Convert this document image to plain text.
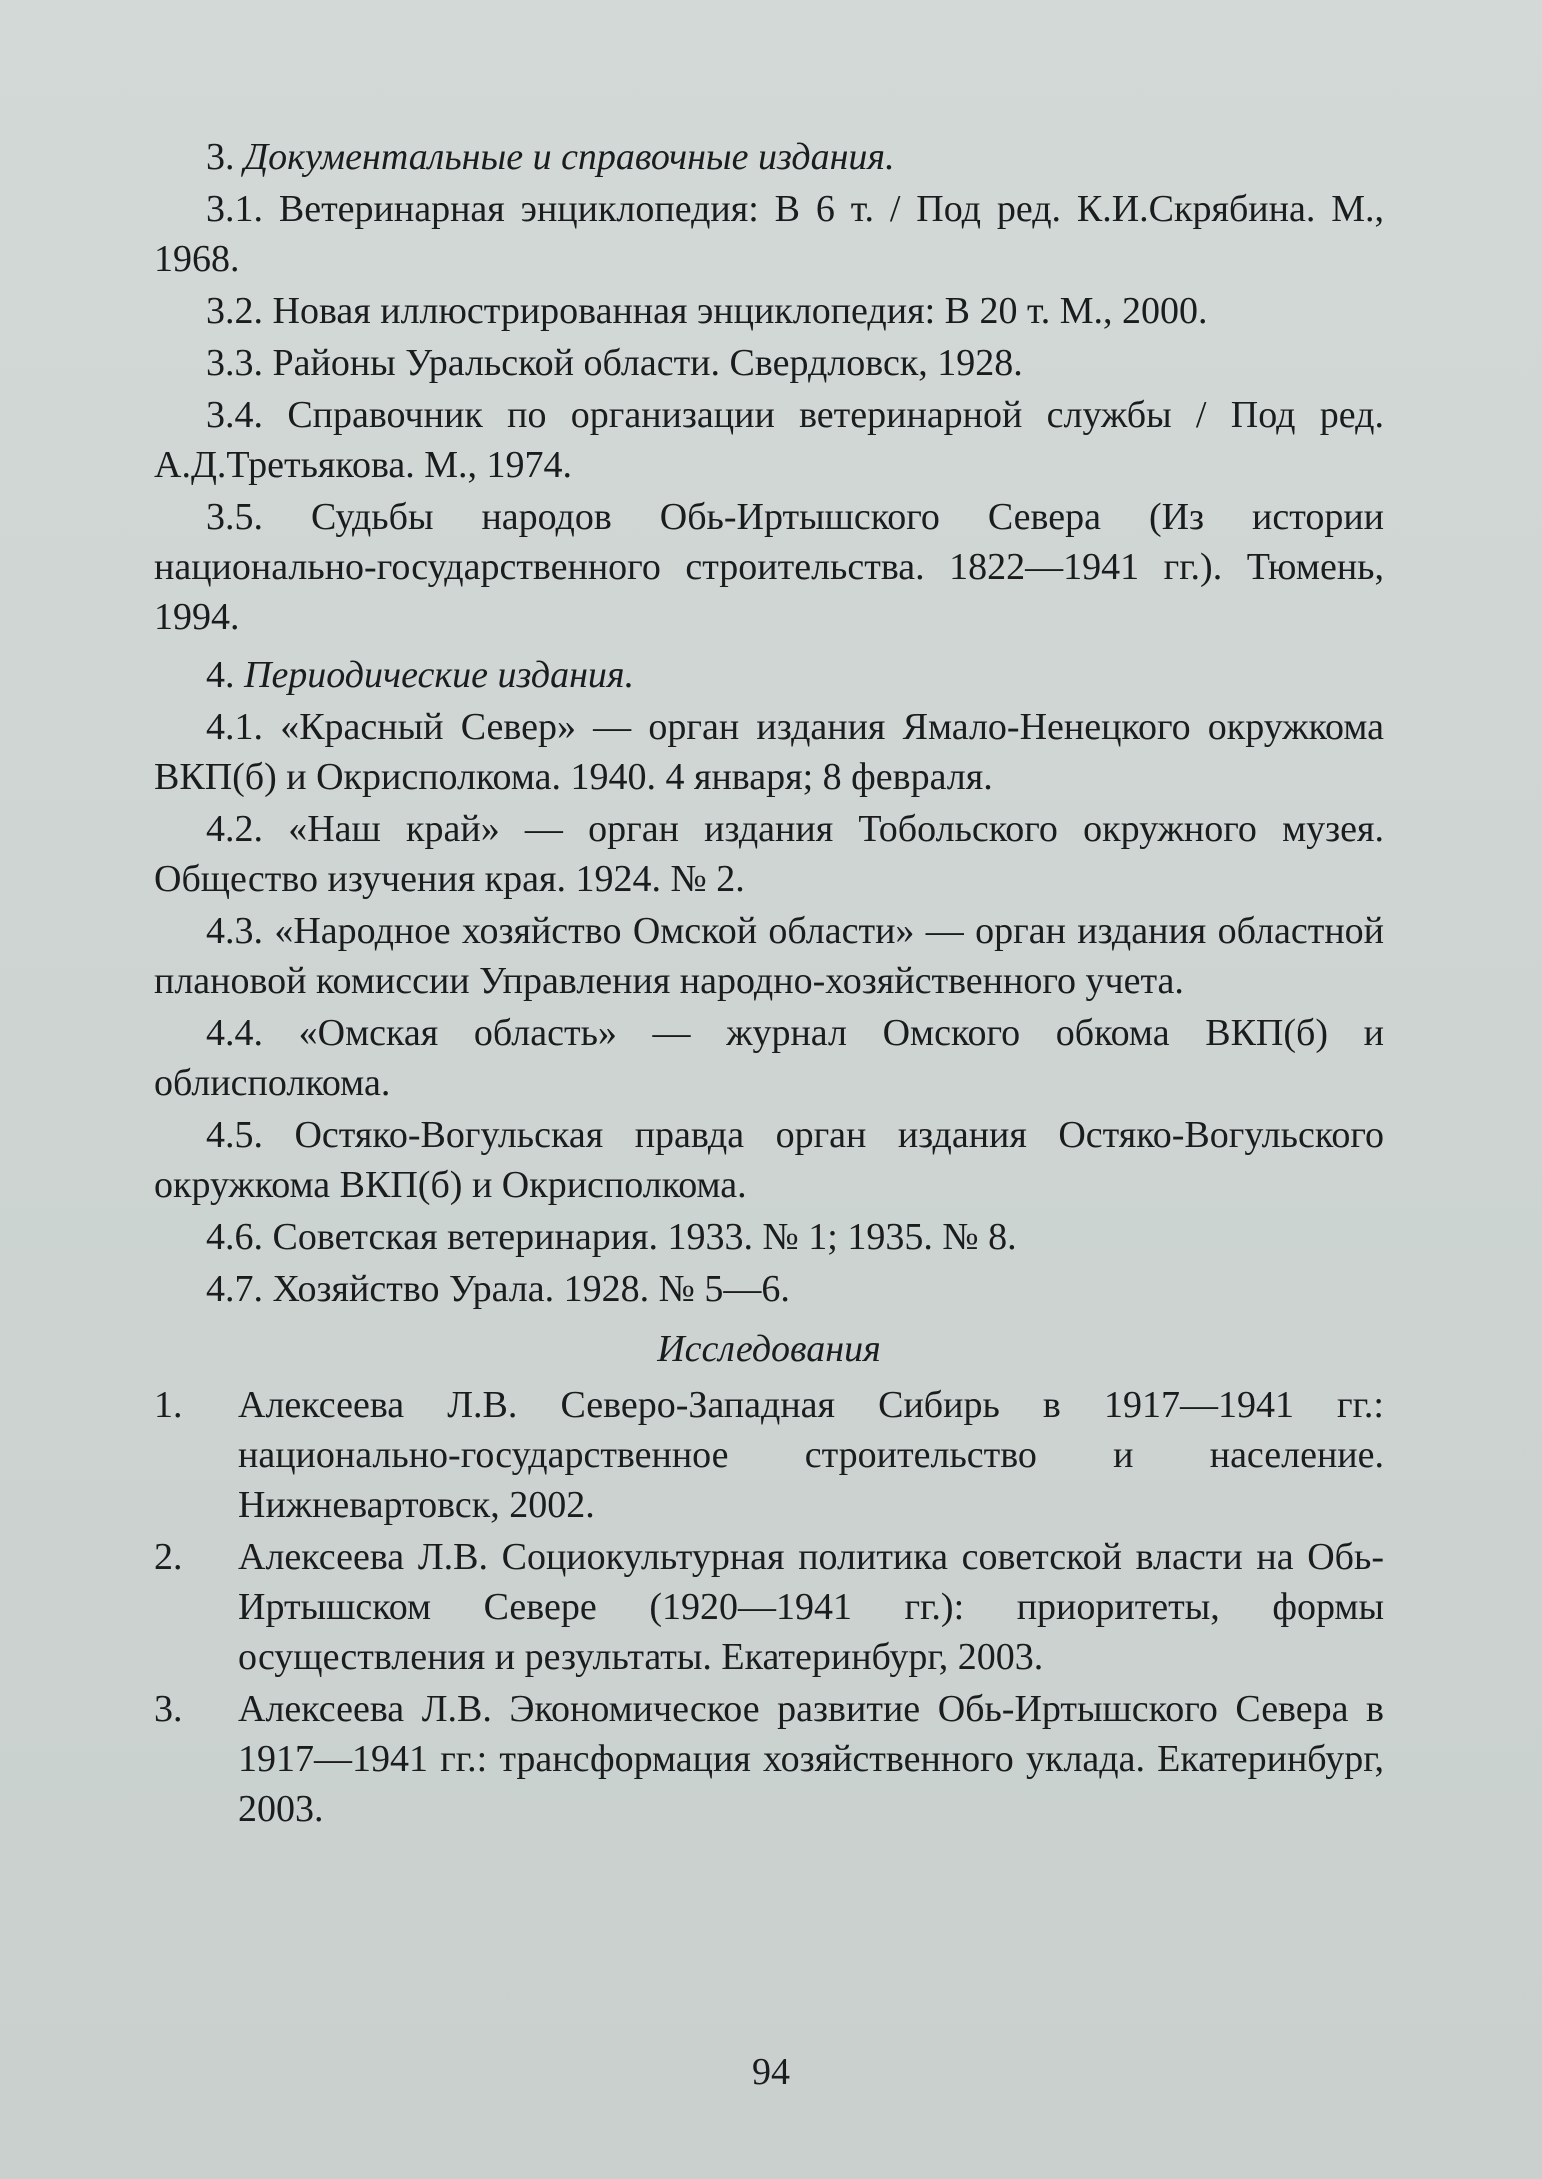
3. Документальные и справочные издания.

3.1. Ветеринарная энциклопедия: В 6 т. / Под ред. К.И.Скрябина. М., 1968.

3.2. Новая иллюстрированная энциклопедия: В 20 т. М., 2000.

3.3. Районы Уральской области. Свердловск, 1928.

3.4. Справочник по организации ветеринарной службы / Под ред. А.Д.Третьякова. М., 1974.

3.5. Судьбы народов Обь-Иртышского Севера (Из истории национально-государственного строительства. 1822—1941 гг.). Тюмень, 1994.

4. Периодические издания.

4.1. «Красный Север» — орган издания Ямало-Ненецкого окружкома ВКП(б) и Окрисполкома. 1940. 4 января; 8 февраля.

4.2. «Наш край» — орган издания Тобольского окружного музея. Общество изучения края. 1924. № 2.

4.3. «Народное хозяйство Омской области» — орган издания областной плановой комиссии Управления народно-хозяйственного учета.

4.4. «Омская область» — журнал Омского обкома ВКП(б) и облисполкома.

4.5. Остяко-Вогульская правда орган издания Остяко-Вогульского окружкома ВКП(б) и Окрисполкома.

4.6. Советская ветеринария. 1933. № 1; 1935. № 8.

4.7. Хозяйство Урала. 1928. № 5—6.

Исследования

1.	Алексеева Л.В. Северо-Западная Сибирь в 1917—1941 гг.: национально-государственное строительство и население. Нижневартовск, 2002.
2.	Алексеева Л.В. Социокультурная политика советской власти на Обь-Иртышском Севере (1920—1941 гг.): приоритеты, формы осуществления и результаты. Екатеринбург, 2003.
3.	Алексеева Л.В. Экономическое развитие Обь-Иртышского Севера в 1917—1941 гг.: трансформация хозяйственного уклада. Екатеринбург, 2003.
94
